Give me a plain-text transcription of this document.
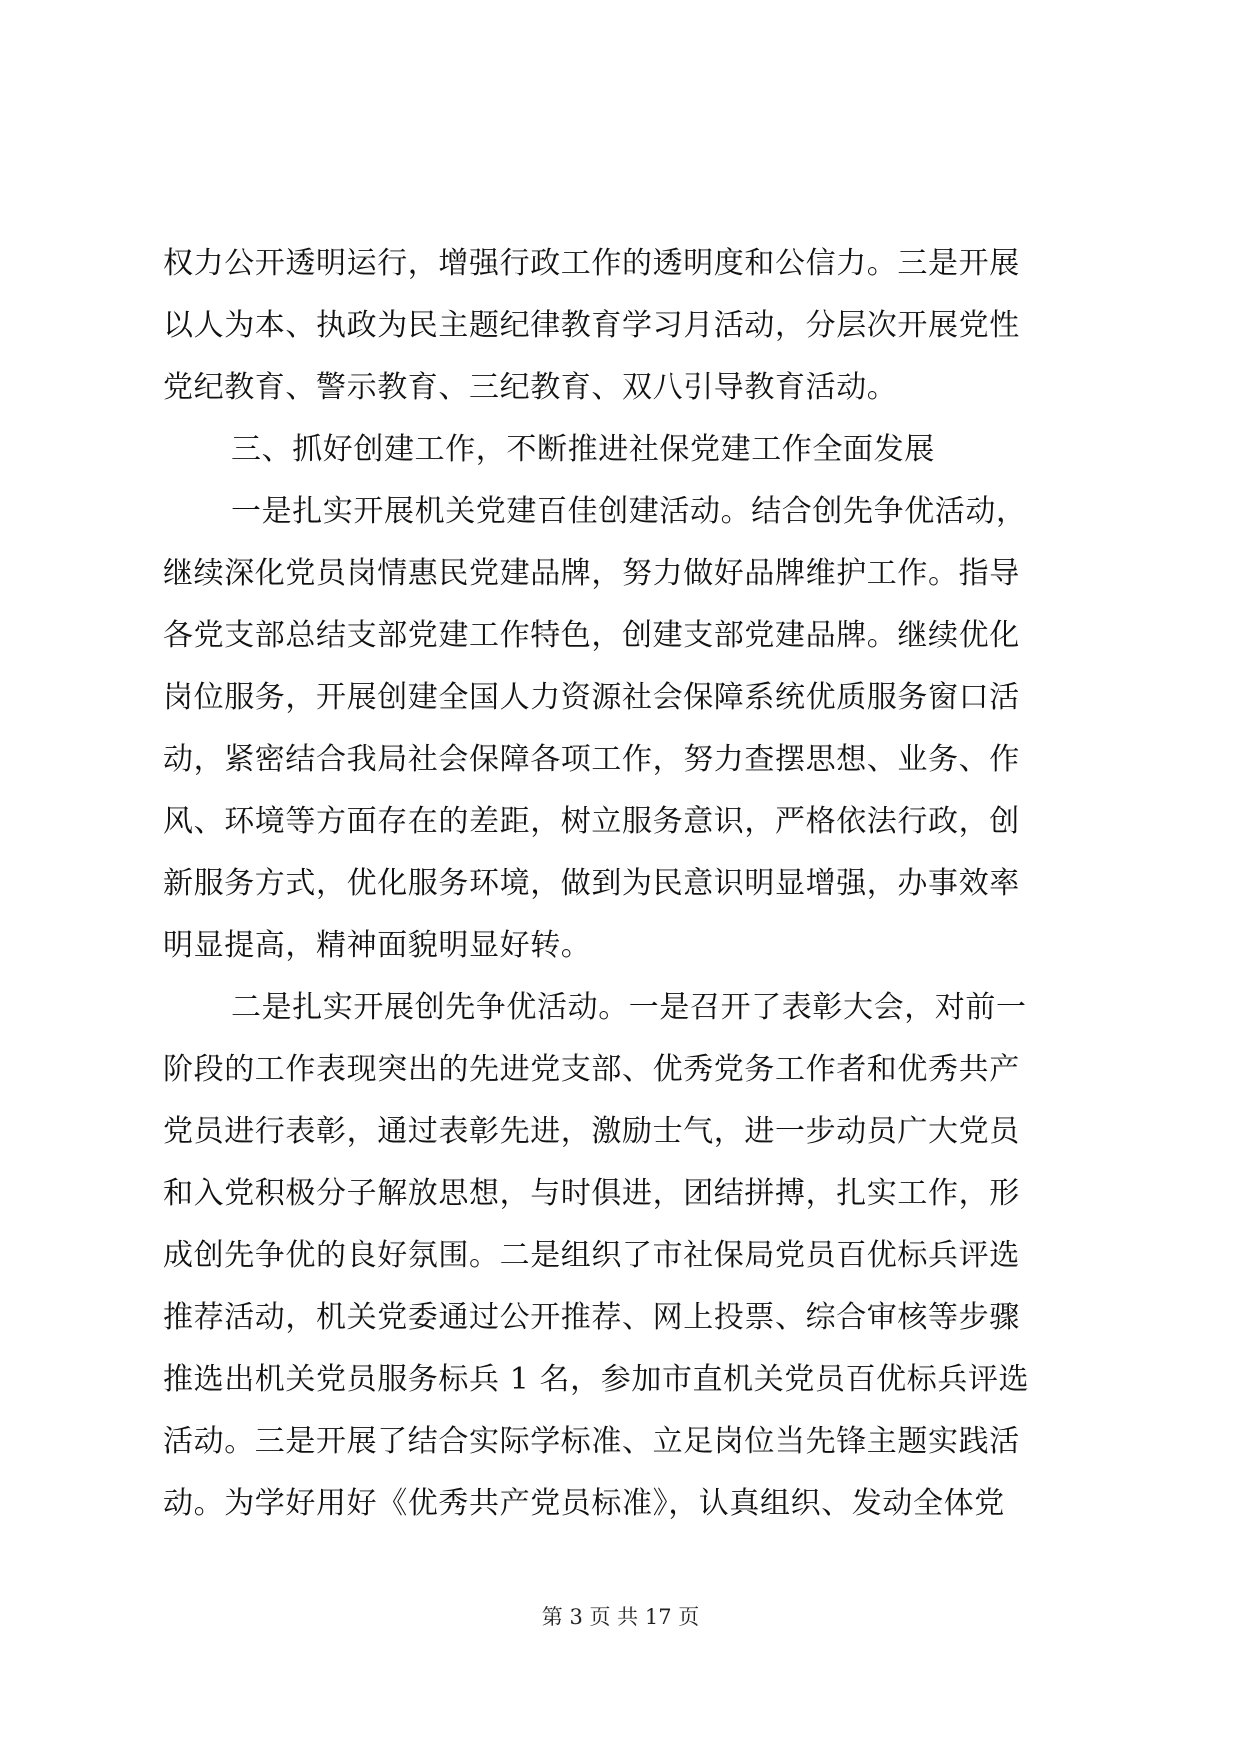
权力公开透明运行，增强行政工作的透明度和公信力。三是开展
以人为本、执政为民主题纪律教育学习月活动，分层次开展党性
党纪教育、警示教育、三纪教育、双八引导教育活动。
三、抓好创建工作，不断推进社保党建工作全面发展
一是扎实开展机关党建百佳创建活动。结合创先争优活动，
继续深化党员岗情惠民党建品牌，努力做好品牌维护工作。指导
各党支部总结支部党建工作特色，创建支部党建品牌。继续优化
岗位服务，开展创建全国人力资源社会保障系统优质服务窗口活
动，紧密结合我局社会保障各项工作，努力查摆思想、业务、作
风、环境等方面存在的差距，树立服务意识，严格依法行政，创
新服务方式，优化服务环境，做到为民意识明显增强，办事效率
明显提高，精神面貌明显好转。
二是扎实开展创先争优活动。一是召开了表彰大会，对前一
阶段的工作表现突出的先进党支部、优秀党务工作者和优秀共产
党员进行表彰，通过表彰先进，激励士气，进一步动员广大党员
和入党积极分子解放思想，与时俱进，团结拼搏，扎实工作，形
成创先争优的良好氛围。二是组织了市社保局党员百优标兵评选
推荐活动，机关党委通过公开推荐、网上投票、综合审核等步骤
推选出机关党员服务标兵 1 名，参加市直机关党员百优标兵评选
活动。三是开展了结合实际学标准、立足岗位当先锋主题实践活
动。为学好用好《优秀共产党员标准》，认真组织、发动全体党
第 3 页 共 17 页
